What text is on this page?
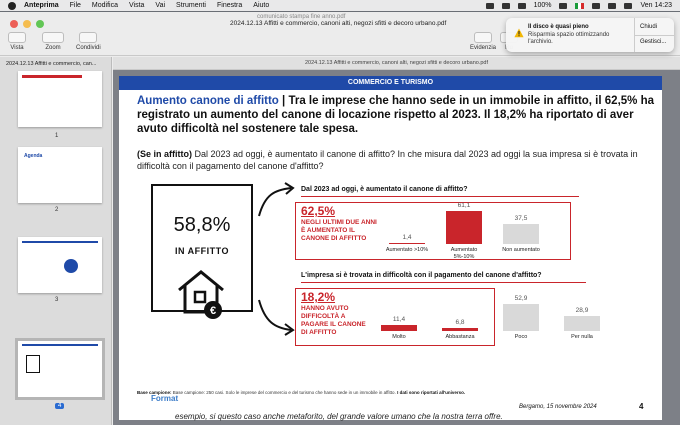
Anteprima File Modifica Vista Vai Strumenti Finestra Aiuto	100%	Ven 14:23
Vista	Zoom	Condividi
comunicato stampa fine anno.pdf
2024.12.13 Affitti e commercio, canoni alti, negozi sfitti e decoro urbano.pdf
Evidenzia
2024.12.13 Affitti e commercio, can...
1
Agenda
2
3
4
2024.12.13 Affitti e commercio, canoni alti, negozi sfitti e decoro urbano.pdf
COMMERCIO E TURISMO
Aumento canone di affitto | Tra le imprese che hanno sede in un immobile in affitto, il 62,5% ha registrato un aumento del canone di locazione rispetto al 2023. Il 18,2% ha riportato di aver avuto difficoltà nel sostenere tale spesa.
(Se in affitto) Dal 2023 ad oggi, è aumentato il canone di affitto? In che misura dal 2023 ad oggi la sua impresa si è trovata in difficoltà con il pagamento del canone d'affitto?
58,8%
IN AFFITTO
€
Dal 2023 ad oggi, è aumentato il canone di affitto?
62,5%
NEGLI ULTIMI DUE ANNI È AUMENTATO IL CANONE DI AFFITTO
L'impresa si è trovata in difficoltà con il pagamento del canone d'affitto?
18,2%
HANNO AVUTO DIFFICOLTÀ A PAGARE IL CANONE DI AFFITTO
Base campione: Base campione: 250 casi. Solo le imprese del commercio e del turismo che hanno sede in un immobile in affitto. I dati sono riportati all'universo.
Format
Bergamo, 15 novembre 2024	4
1,4
Aumentato >10%
61,1
Aumentato 5%-10%
37,5
Non aumentato
11,4
Molto
6,8
Abbastanza
52,9
Poco
28,9
Per nulla
esempio, si questo caso anche metaforito, del grande valore umano che la nostra terra offre.
Il disco è quasi pieno
Risparmia spazio ottimizzando l'archivio.
Chiudi
Gestisci...
